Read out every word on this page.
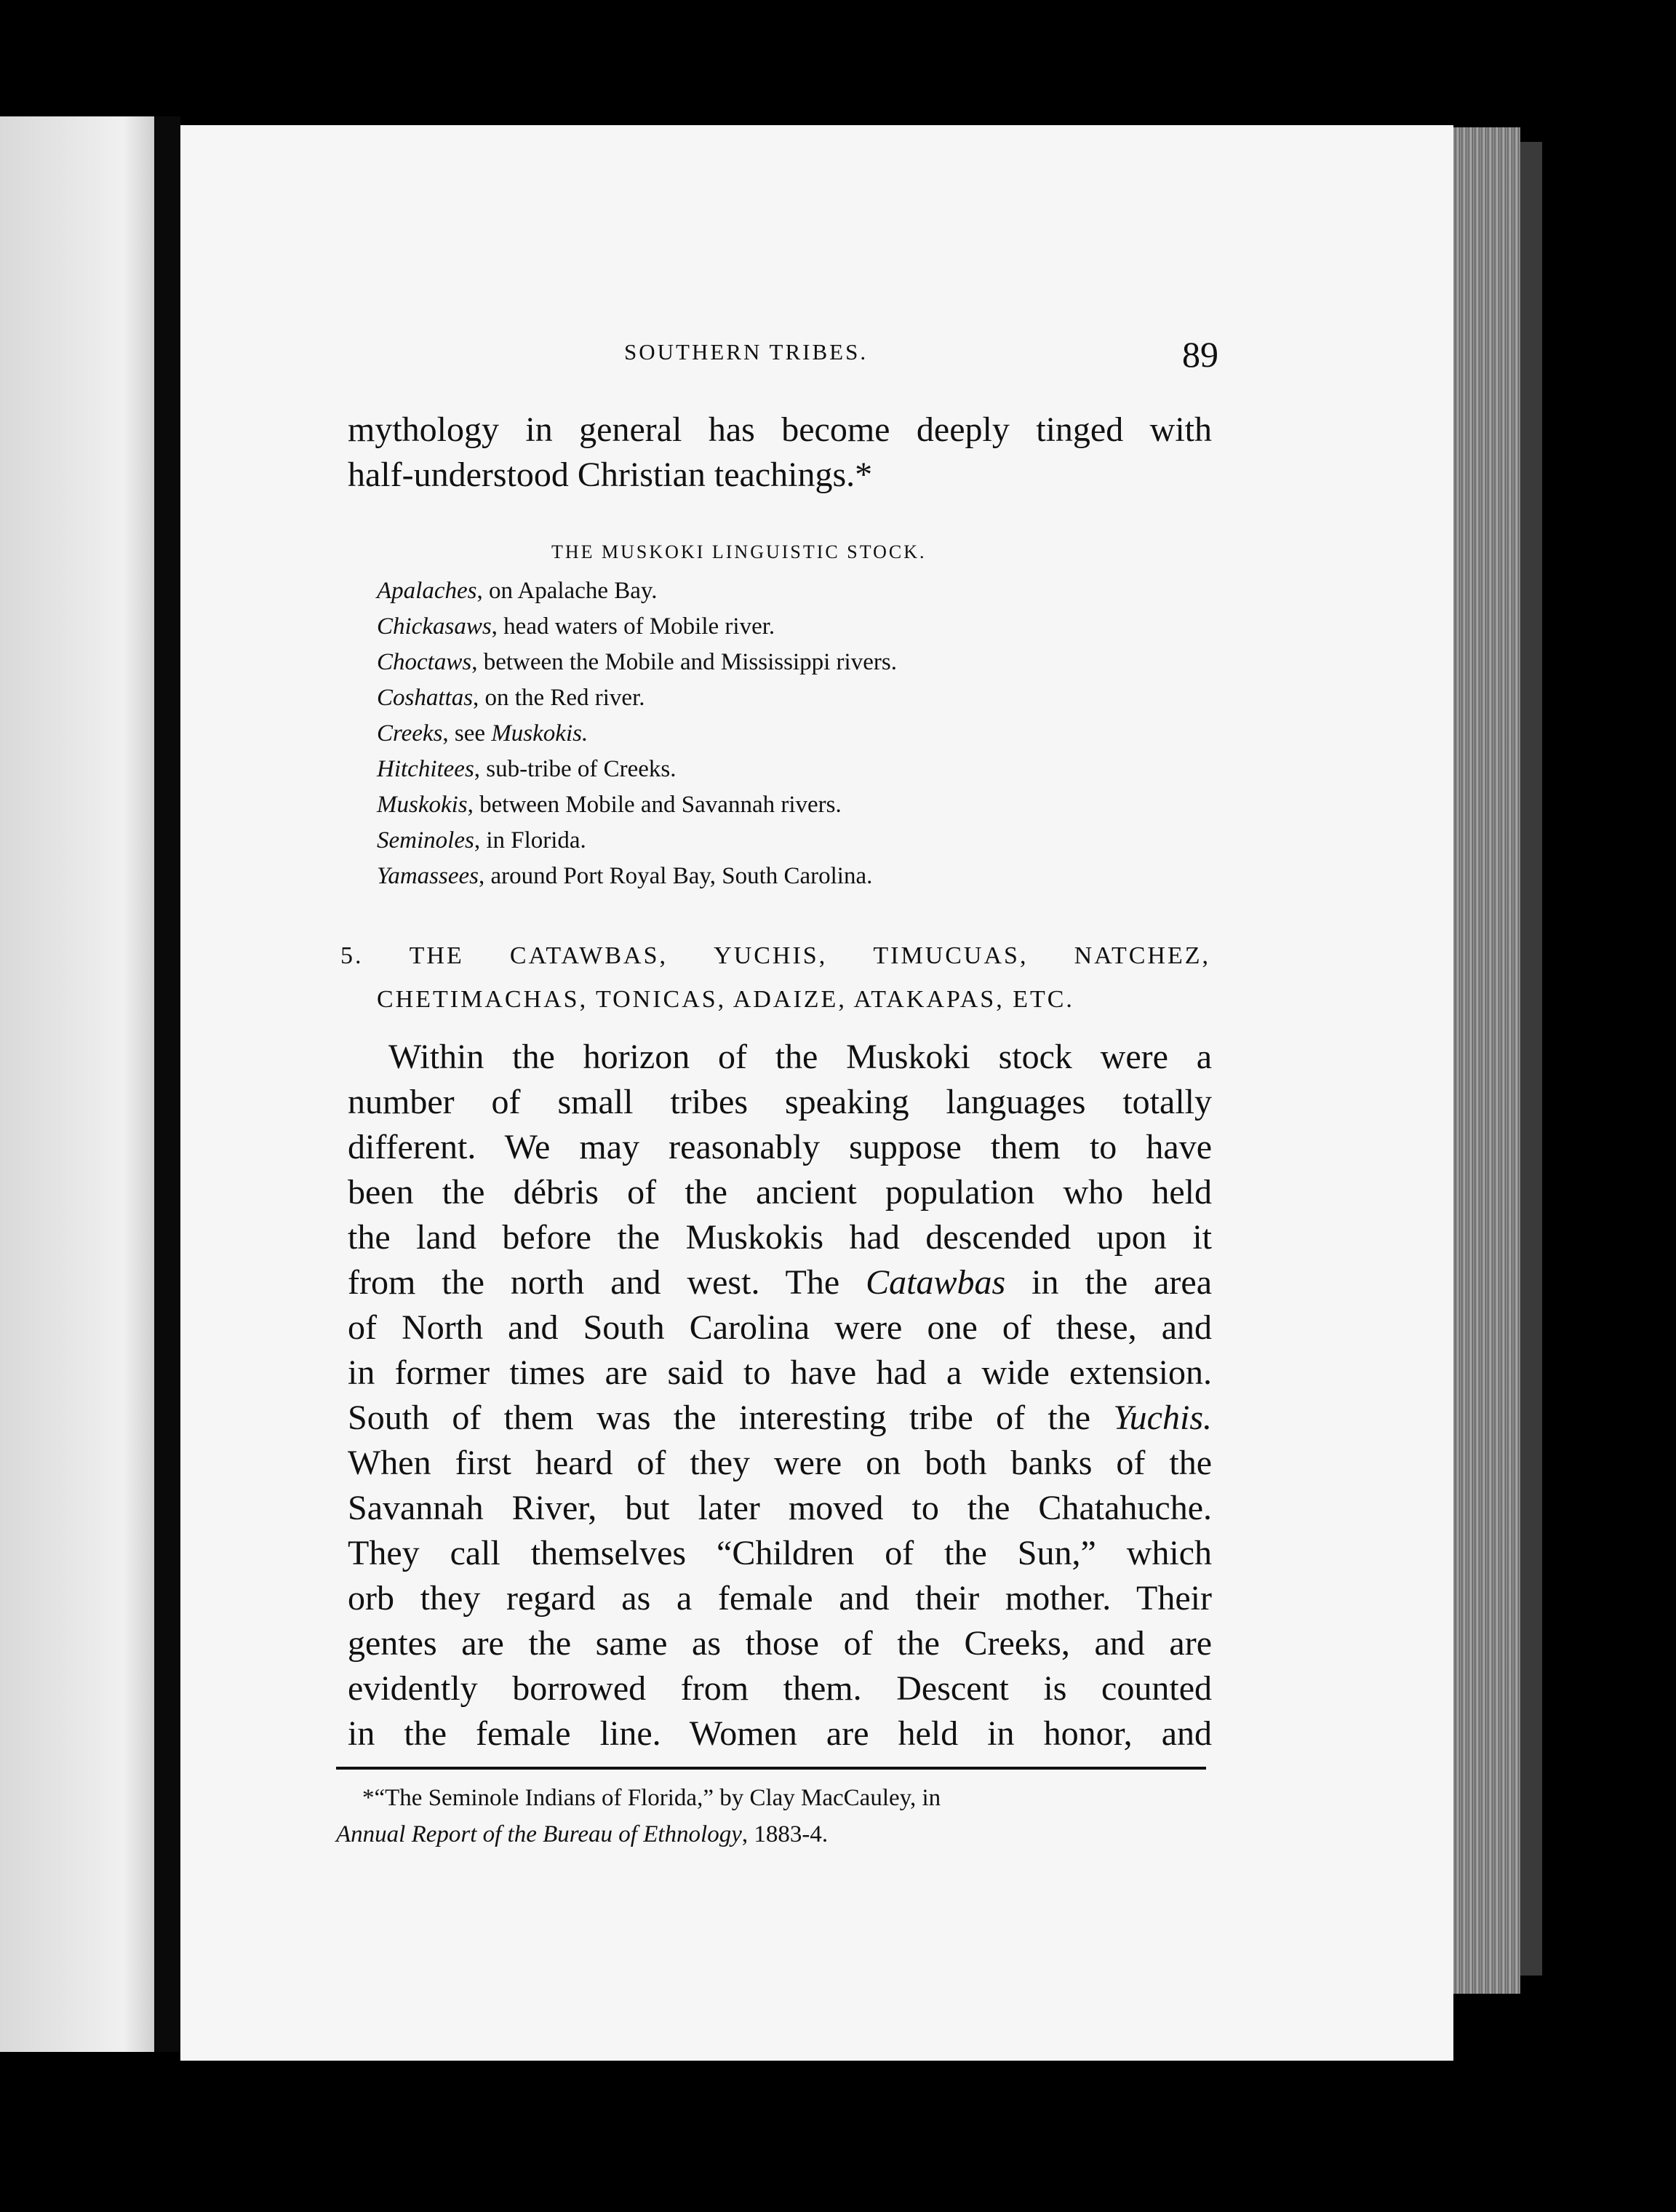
SOUTHERN TRIBES.	89

mythology in general has become deeply tinged with

half-understood Christian teachings.*

THE MUSKOKI LINGUISTIC STOCK.
Apalaches, on Apalache Bay.
Chickasaws, head waters of Mobile river.
Choctaws, between the Mobile and Mississippi rivers.
Coshattas, on the Red river.
Creeks, see Muskokis.
Hitchitees, sub-tribe of Creeks.
Muskokis, between Mobile and Savannah rivers.
Seminoles, in Florida.
Yamassees, around Port Royal Bay, South Carolina.
5. THE CATAWBAS, YUCHIS, TIMUCUAS, NATCHEZ,
CHETIMACHAS, TONICAS, ADAIZE, ATAKAPAS, ETC.

Within the horizon of the Muskoki stock were a

number of small tribes speaking languages totally

different. We may reasonably suppose them to have

been the débris of the ancient population who held

the land before the Muskokis had descended upon it

from the north and west. The Catawbas in the area

of North and South Carolina were one of these, and

in former times are said to have had a wide extension.

South of them was the interesting tribe of the Yuchis.

When first heard of they were on both banks of the

Savannah River, but later moved to the Chatahuche.

They call themselves “Children of the Sun,” which

orb they regard as a female and their mother. Their

gentes are the same as those of the Creeks, and are

evidently borrowed from them. Descent is counted

in the female line. Women are held in honor, and

*“The Seminole Indians of Florida,” by Clay MacCauley, in
Annual Report of the Bureau of Ethnology, 1883-4.
